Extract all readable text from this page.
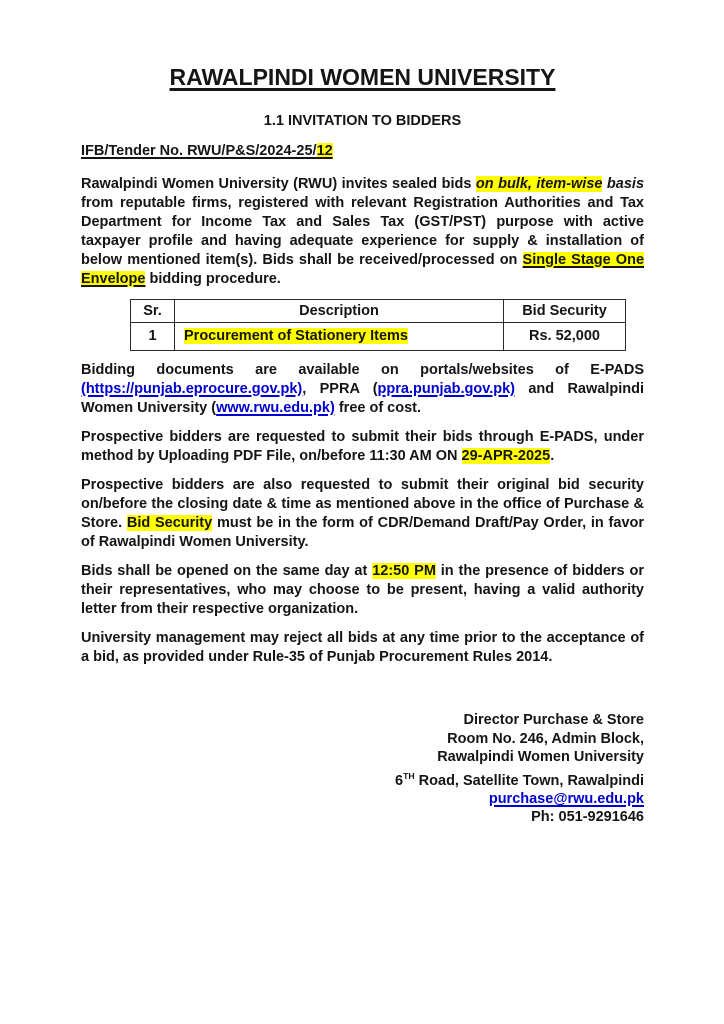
RAWALPINDI WOMEN UNIVERSITY
1.1 INVITATION TO BIDDERS
IFB/Tender No. RWU/P&S/2024-25/12

Rawalpindi Women University (RWU) invites sealed bids on bulk, item-wise basis from reputable firms, registered with relevant Registration Authorities and Tax Department for Income Tax and Sales Tax (GST/PST) purpose with active taxpayer profile and having adequate experience for supply & installation of below mentioned item(s). Bids shall be received/processed on Single Stage One Envelope bidding procedure.

Sr.	Description	Bid Security
1	Procurement of Stationery Items	Rs. 52,000

Bidding documents are available on portals/websites of E-PADS (https://punjab.eprocure.gov.pk), PPRA (ppra.punjab.gov.pk) and Rawalpindi Women University (www.rwu.edu.pk) free of cost.

Prospective bidders are requested to submit their bids through E-PADS, under method by Uploading PDF File, on/before 11:30 AM ON 29-APR-2025.

Prospective bidders are also requested to submit their original bid security on/before the closing date & time as mentioned above in the office of Purchase & Store. Bid Security must be in the form of CDR/Demand Draft/Pay Order, in favor of Rawalpindi Women University.

Bids shall be opened on the same day at 12:50 PM in the presence of bidders or their representatives, who may choose to be present, having a valid authority letter from their respective organization.

University management may reject all bids at any time prior to the acceptance of a bid, as provided under Rule-35 of Punjab Procurement Rules 2014.

Director Purchase & Store
Room No. 246, Admin Block,
Rawalpindi Women University
6TH Road, Satellite Town, Rawalpindi
purchase@rwu.edu.pk
Ph: 051-9291646
